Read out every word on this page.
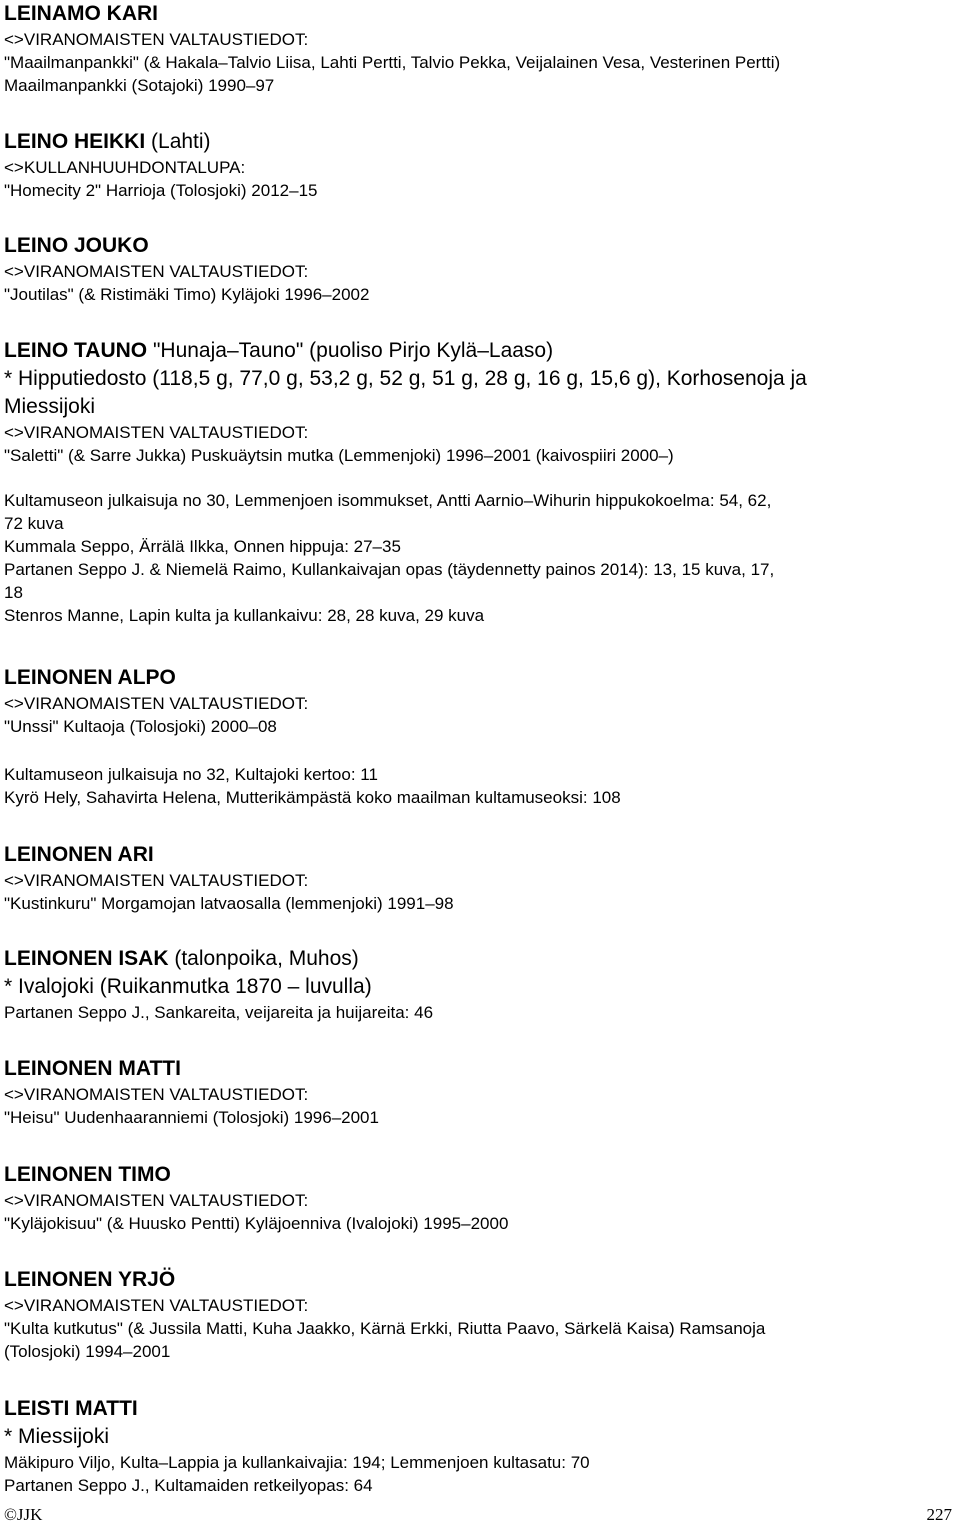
LEINAMO KARI
<>VIRANOMAISTEN VALTAUSTIEDOT:
"Maailmanpankki" (& Hakala–Talvio Liisa, Lahti Pertti, Talvio Pekka, Veijalainen Vesa, Vesterinen Pertti)
Maailmanpankki (Sotajoki) 1990–97
LEINO HEIKKI (Lahti)
<>KULLANHUUHDONTALUPA:
"Homecity 2" Harrioja (Tolosjoki) 2012–15
LEINO JOUKO
<>VIRANOMAISTEN VALTAUSTIEDOT:
"Joutilas" (& Ristimäki Timo) Kyläjoki 1996–2002
LEINO TAUNO "Hunaja–Tauno" (puoliso Pirjo Kylä–Laaso)
* Hipputiedosto (118,5 g, 77,0 g, 53,2 g, 52 g, 51 g, 28 g, 16 g, 15,6 g), Korhosenoja ja
Miessijoki
<>VIRANOMAISTEN VALTAUSTIEDOT:
"Saletti" (& Sarre Jukka) Puskuäytsin mutka (Lemmenjoki) 1996–2001 (kaivospiiri 2000–)
Kultamuseon julkaisuja no 30, Lemmenjoen isommukset, Antti Aarnio–Wihurin hippukokoelma: 54, 62,
72 kuva
Kummala Seppo, Ärrälä Ilkka, Onnen hippuja: 27–35
Partanen Seppo J. & Niemelä Raimo, Kullankaivajan opas (täydennetty painos 2014): 13, 15 kuva, 17,
18
Stenros Manne, Lapin kulta ja kullankaivu: 28, 28 kuva, 29 kuva
LEINONEN ALPO
<>VIRANOMAISTEN VALTAUSTIEDOT:
"Unssi" Kultaoja (Tolosjoki) 2000–08
Kultamuseon julkaisuja no 32, Kultajoki kertoo: 11
Kyrö Hely, Sahavirta Helena, Mutterikämpästä koko maailman kultamuseoksi: 108
LEINONEN ARI
<>VIRANOMAISTEN VALTAUSTIEDOT:
"Kustinkuru" Morgamojan latvaosalla (lemmenjoki) 1991–98
LEINONEN ISAK (talonpoika, Muhos)
* Ivalojoki (Ruikanmutka 1870 – luvulla)
Partanen Seppo J., Sankareita, veijareita ja huijareita: 46
LEINONEN MATTI
<>VIRANOMAISTEN VALTAUSTIEDOT:
"Heisu" Uudenhaaranniemi (Tolosjoki) 1996–2001
LEINONEN TIMO
<>VIRANOMAISTEN VALTAUSTIEDOT:
"Kyläjokisuu" (& Huusko Pentti) Kyläjoenniva (Ivalojoki) 1995–2000
LEINONEN YRJÖ
<>VIRANOMAISTEN VALTAUSTIEDOT:
"Kulta kutkutus" (& Jussila Matti, Kuha Jaakko, Kärnä Erkki, Riutta Paavo, Särkelä Kaisa) Ramsanoja
(Tolosjoki) 1994–2001
LEISTI MATTI
* Miessijoki
Mäkipuro Viljo, Kulta–Lappia ja kullankaivajia: 194; Lemmenjoen kultasatu: 70
Partanen Seppo J., Kultamaiden retkeilyopas: 64
©JJK	227
